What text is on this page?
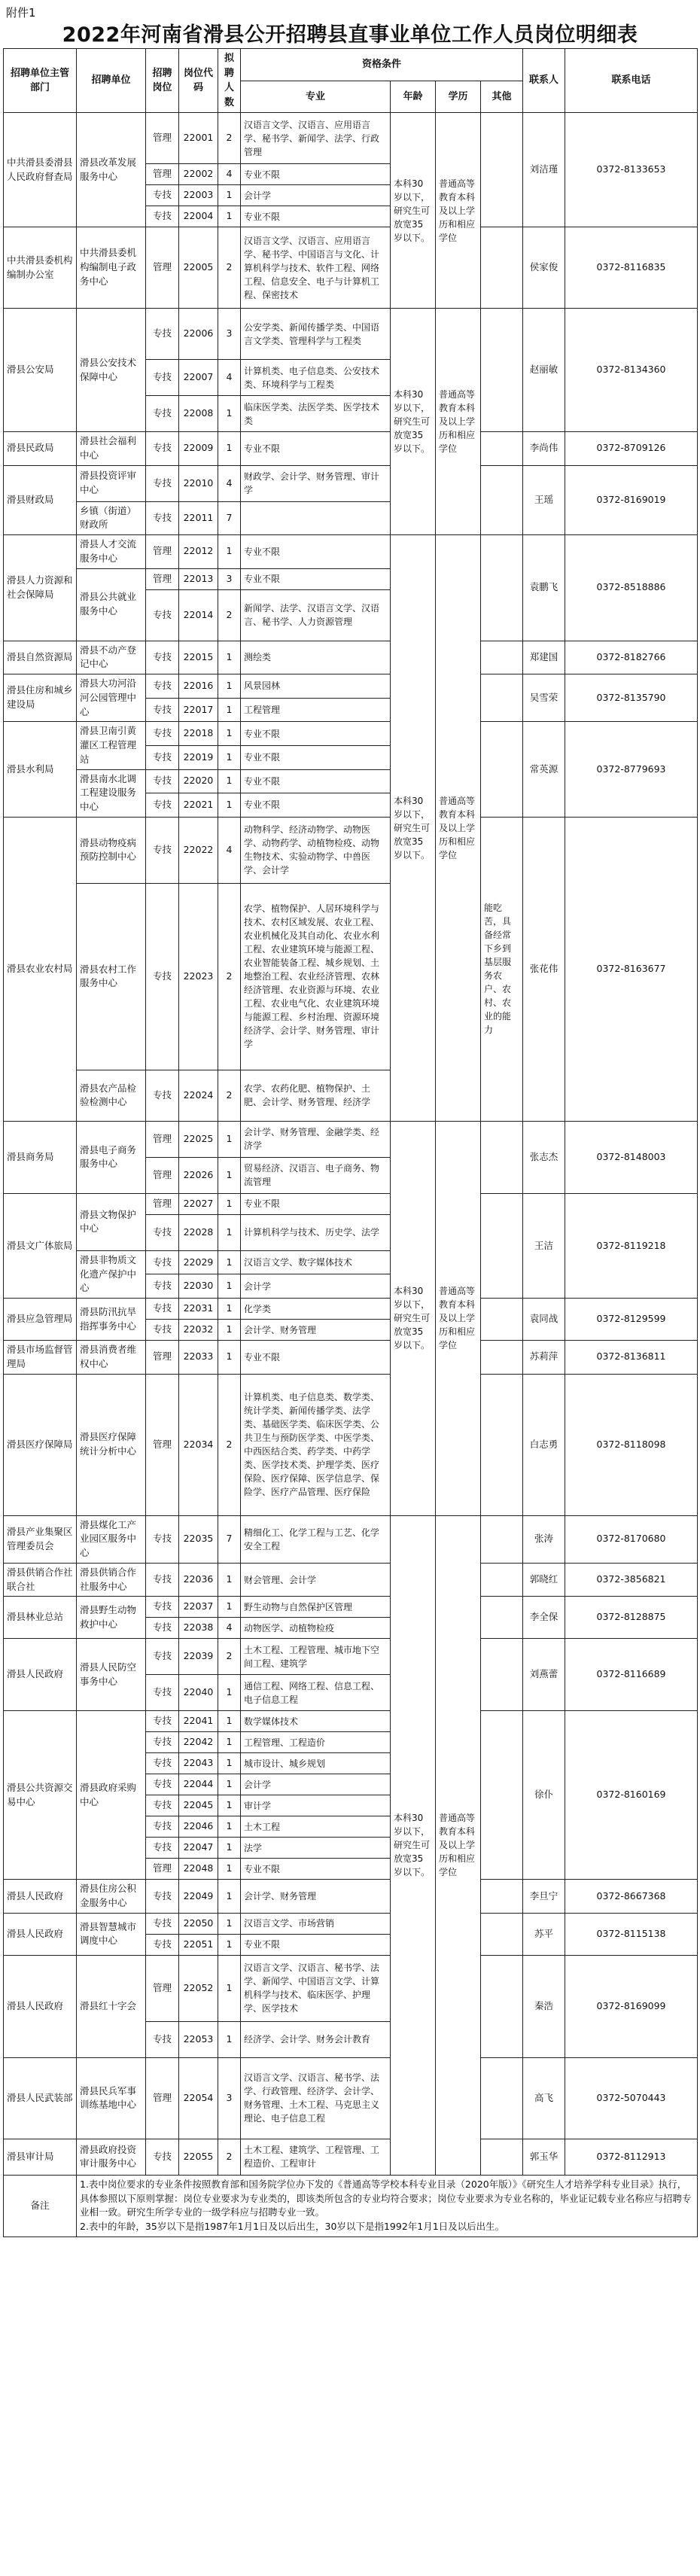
附件1
2022年河南省滑县公开招聘县直事业单位工作人员岗位明细表
招聘单位主管部门	招聘单位	招聘岗位	岗位代码	拟聘人数	资格条件				联系人	联系电话
					专业	年龄	学历	其他		
中共滑县委滑县人民政府督查局	滑县改革发展服务中心	管理	22001	2	汉语言文学、汉语言、应用语言学、秘书学、新闻学、法学、行政管理	本科30岁以下，研究生可放宽35岁以下。	普通高等教育本科及以上学历和相应学位		刘洁瑾	0372-8133653
		管理	22002	4	专业不限					
		专技	22003	1	会计学					
		专技	22004	1	专业不限					
中共滑县委机构编制办公室	中共滑县委机构编制电子政务中心	管理	22005	2	汉语言文学、汉语言、应用语言学、秘书学、中国语言与文化、计算机科学与技术、软件工程、网络工程、信息安全、电子与计算机工程、保密技术				侯家俊	0372-8116835
滑县公安局	滑县公安技术保障中心	专技	22006	3	公安学类、新闻传播学类、中国语言文学类、管理科学与工程类	本科30岁以下，研究生可放宽35岁以下。	普通高等教育本科及以上学历和相应学位		赵丽敏	0372-8134360
		专技	22007	4	计算机类、电子信息类、公安技术类、环境科学与工程类					
		专技	22008	1	临床医学类、法医学类、医学技术类					
滑县民政局	滑县社会福利中心	专技	22009	1	专业不限				李尚伟	0372-8709126
滑县财政局	滑县投资评审中心	专技	22010	4	财政学、会计学、财务管理、审计学				王瑶	0372-8169019
	乡镇（街道）财政所	专技	22011	7						
滑县人力资源和社会保障局	滑县人才交流服务中心	管理	22012	1	专业不限	本科30岁以下，研究生可放宽35岁以下。	普通高等教育本科及以上学历和相应学位		袁鹏飞	0372-8518886
	滑县公共就业服务中心	管理	22013	3	专业不限					
		专技	22014	2	新闻学、法学、汉语言文学、汉语言、秘书学、人力资源管理					
滑县自然资源局	滑县不动产登记中心	专技	22015	1	测绘类				郑建国	0372-8182766
滑县住房和城乡建设局	滑县大功河沿河公园管理中心	专技	22016	1	风景园林				吴雪荣	0372-8135790
		专技	22017	1	工程管理					
滑县水利局	滑县卫南引黄灌区工程管理站	专技	22018	1	专业不限				常英源	0372-8779693
		专技	22019	1	专业不限					
	滑县南水北调工程建设服务中心	专技	22020	1	专业不限					
		专技	22021	1	专业不限					
滑县农业农村局	滑县动物疫病预防控制中心	专技	22022	4	动物科学、经济动物学、动物医学、动物药学、动植物检疫、动物生物技术、实验动物学、中兽医学、会计学			能吃苦，具备经常下乡到基层服务农户、农村、农业的能力	张花伟	0372-8163677
	滑县农村工作服务中心	专技	22023	2	农学、植物保护、人居环境科学与技术、农村区域发展、农业工程、农业机械化及其自动化、农业水利工程、农业建筑环境与能源工程、农业智能装备工程、城乡规划、土地整治工程、农业经济管理、农林经济管理、农业资源与环境、农业工程、农业电气化、农业建筑环境与能源工程、乡村治理、资源环境经济学、会计学、财务管理、审计学					
	滑县农产品检验检测中心	专技	22024	2	农学、农药化肥、植物保护、土肥、会计学、财务管理、经济学					
滑县商务局	滑县电子商务服务中心	管理	22025	1	会计学、财务管理、金融学类、经济学	本科30岁以下，研究生可放宽35岁以下。	普通高等教育本科及以上学历和相应学位		张志杰	0372-8148003
		管理	22026	1	贸易经济、汉语言、电子商务、物流管理					
滑县文广体旅局	滑县文物保护中心	管理	22027	1	专业不限				王洁	0372-8119218
		专技	22028	1	计算机科学与技术、历史学、法学					
	滑县非物质文化遗产保护中心	专技	22029	1	汉语言文学、数字媒体技术					
		专技	22030	1	会计学					
滑县应急管理局	滑县防汛抗旱指挥事务中心	专技	22031	1	化学类				袁同战	0372-8129599
		专技	22032	1	会计学、财务管理					
滑县市场监督管理局	滑县消费者维权中心	管理	22033	1	专业不限				苏莉萍	0372-8136811
滑县医疗保障局	滑县医疗保障统计分析中心	管理	22034	2	计算机类、电子信息类、数学类、统计学类、新闻传播学类、法学类、基础医学类、临床医学类、公共卫生与预防医学类、中医学类、中西医结合类、药学类、中药学类、医学技术类、护理学类、医疗保险、医疗保障、医学信息学、保险学、医疗产品管理、医疗保险				白志勇	0372-8118098
滑县产业集聚区管理委员会	滑县煤化工产业园区服务中心	专技	22035	7	精细化工、化学工程与工艺、化学安全工程	本科30岁以下，研究生可放宽35岁以下。	普通高等教育本科及以上学历和相应学位		张涛	0372-8170680
滑县供销合作社联合社	滑县供销合作社服务中心	专技	22036	1	财会管理、会计学				郭晓红	0372-3856821
滑县林业总站	滑县野生动物救护中心	专技	22037	1	野生动物与自然保护区管理				李全保	0372-8128875
		专技	22038	4	动物医学、动植物检疫					
滑县人民政府	滑县人民防空事务中心	专技	22039	2	土木工程、工程管理、城市地下空间工程、建筑学				刘燕蕾	0372-8116689
		专技	22040	1	通信工程、网络工程、信息工程、电子信息工程					
滑县公共资源交易中心	滑县政府采购中心	专技	22041	1	数学媒体技术				徐仆	0372-8160169
		专技	22042	1	工程管理、工程造价					
		专技	22043	1	城市设计、城乡规划					
		专技	22044	1	会计学					
		专技	22045	1	审计学					
		专技	22046	1	土木工程					
		专技	22047	1	法学					
		管理	22048	1	专业不限					
滑县人民政府	滑县住房公积金服务中心	专技	22049	1	会计学、财务管理				李旦宁	0372-8667368
滑县人民政府	滑县智慧城市调度中心	专技	22050	1	汉语言文学、市场营销				苏平	0372-8115138
		专技	22051	1	专业不限					
滑县人民政府	滑县红十字会	管理	22052	1	汉语言文学、汉语言、秘书学、法学、新闻学、中国语言文学、计算机科学与技术、临床医学、护理学、医学技术				秦浩	0372-8169099
		专技	22053	1	经济学、会计学、财务会计教育					
滑县人民武装部	滑县民兵军事训练基地中心	管理	22054	3	汉语言文学、汉语言、秘书学、法学、行政管理、经济学、会计学、财务管理、土木工程、马克思主义理论、电子信息工程				高飞	0372-5070443
滑县审计局	滑县政府投资审计服务中心	专技	22055	2	土木工程、建筑学、工程管理、工程造价、工程审计				郭玉华	0372-8112913
备注	1.表中岗位要求的专业条件按照教育部和国务院学位办下发的《普通高等学校本科专业目录（2020年版）》《研究生人才培养学科专业目录》执行，具体参照以下原则掌握：岗位专业要求为专业类的，即该类所包含的专业均符合要求；岗位专业要求为专业名称的，毕业证记载专业名称应与招聘专业相一致。研究生所学专业的一级学科应与招聘专业一致。
2.表中的年龄，35岁以下是指1987年1月1日及以后出生，30岁以下是指1992年1月1日及以后出生。									
